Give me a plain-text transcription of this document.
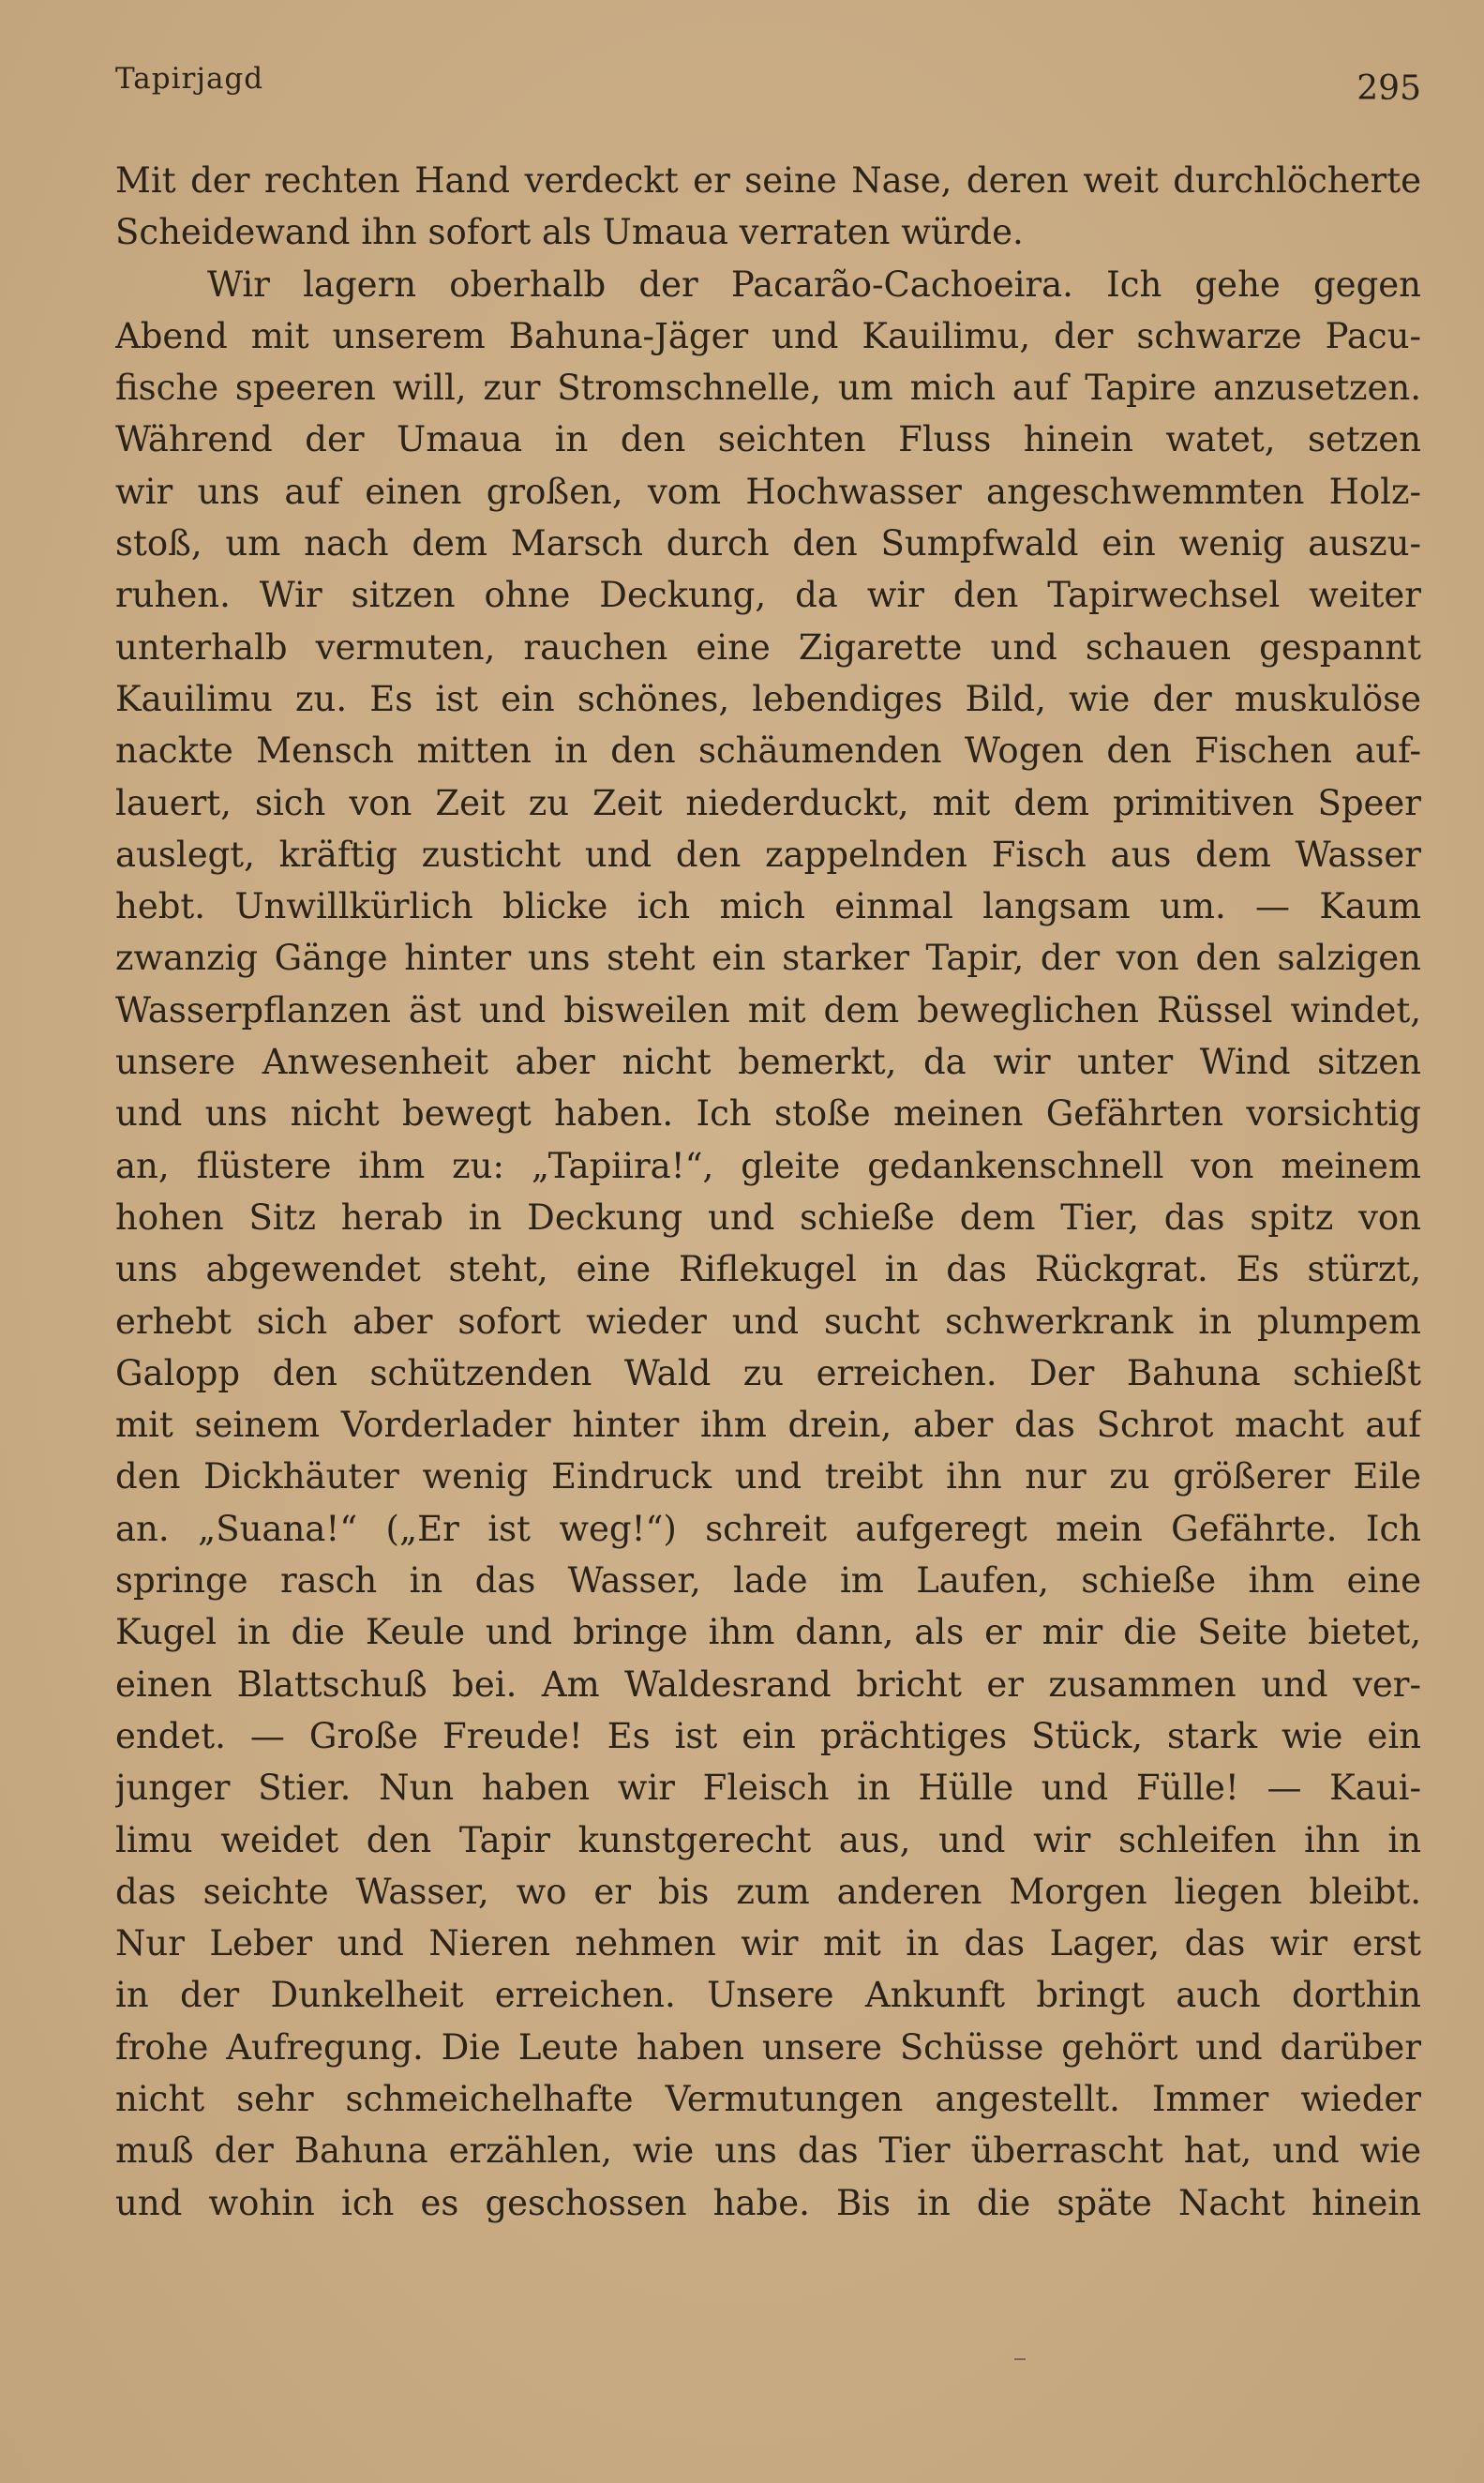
Tapirjagd	295
Mit der rechten Hand verdeckt er seine Nase, deren weit durchlöcherte
Scheidewand ihn sofort als Umaua verraten würde.
Wir lagern oberhalb der Pacarão-Cachoeira. Ich gehe gegen
Abend mit unserem Bahuna-Jäger und Kauilimu, der schwarze Pacu-
fische speeren will, zur Stromschnelle, um mich auf Tapire anzusetzen.
Während der Umaua in den seichten Fluss hinein watet, setzen
wir uns auf einen großen, vom Hochwasser angeschwemmten Holz-
stoß, um nach dem Marsch durch den Sumpfwald ein wenig auszu-
ruhen. Wir sitzen ohne Deckung, da wir den Tapirwechsel weiter
unterhalb vermuten, rauchen eine Zigarette und schauen gespannt
Kauilimu zu. Es ist ein schönes, lebendiges Bild, wie der muskulöse
nackte Mensch mitten in den schäumenden Wogen den Fischen auf-
lauert, sich von Zeit zu Zeit niederduckt, mit dem primitiven Speer
auslegt, kräftig zusticht und den zappelnden Fisch aus dem Wasser
hebt. Unwillkürlich blicke ich mich einmal langsam um. — Kaum
zwanzig Gänge hinter uns steht ein starker Tapir, der von den salzigen
Wasserpflanzen äst und bisweilen mit dem beweglichen Rüssel windet,
unsere Anwesenheit aber nicht bemerkt, da wir unter Wind sitzen
und uns nicht bewegt haben. Ich stoße meinen Gefährten vorsichtig
an, flüstere ihm zu: „Tapiira!“, gleite gedankenschnell von meinem
hohen Sitz herab in Deckung und schieße dem Tier, das spitz von
uns abgewendet steht, eine Riflekugel in das Rückgrat. Es stürzt,
erhebt sich aber sofort wieder und sucht schwerkrank in plumpem
Galopp den schützenden Wald zu erreichen. Der Bahuna schießt
mit seinem Vorderlader hinter ihm drein, aber das Schrot macht auf
den Dickhäuter wenig Eindruck und treibt ihn nur zu größerer Eile
an. „Suana!“ („Er ist weg!“) schreit aufgeregt mein Gefährte. Ich
springe rasch in das Wasser, lade im Laufen, schieße ihm eine
Kugel in die Keule und bringe ihm dann, als er mir die Seite bietet,
einen Blattschuß bei. Am Waldesrand bricht er zusammen und ver-
endet. — Große Freude! Es ist ein prächtiges Stück, stark wie ein
junger Stier. Nun haben wir Fleisch in Hülle und Fülle! — Kaui-
limu weidet den Tapir kunstgerecht aus, und wir schleifen ihn in
das seichte Wasser, wo er bis zum anderen Morgen liegen bleibt.
Nur Leber und Nieren nehmen wir mit in das Lager, das wir erst
in der Dunkelheit erreichen. Unsere Ankunft bringt auch dorthin
frohe Aufregung. Die Leute haben unsere Schüsse gehört und darüber
nicht sehr schmeichelhafte Vermutungen angestellt. Immer wieder
muß der Bahuna erzählen, wie uns das Tier überrascht hat, und wie
und wohin ich es geschossen habe. Bis in die späte Nacht hinein
